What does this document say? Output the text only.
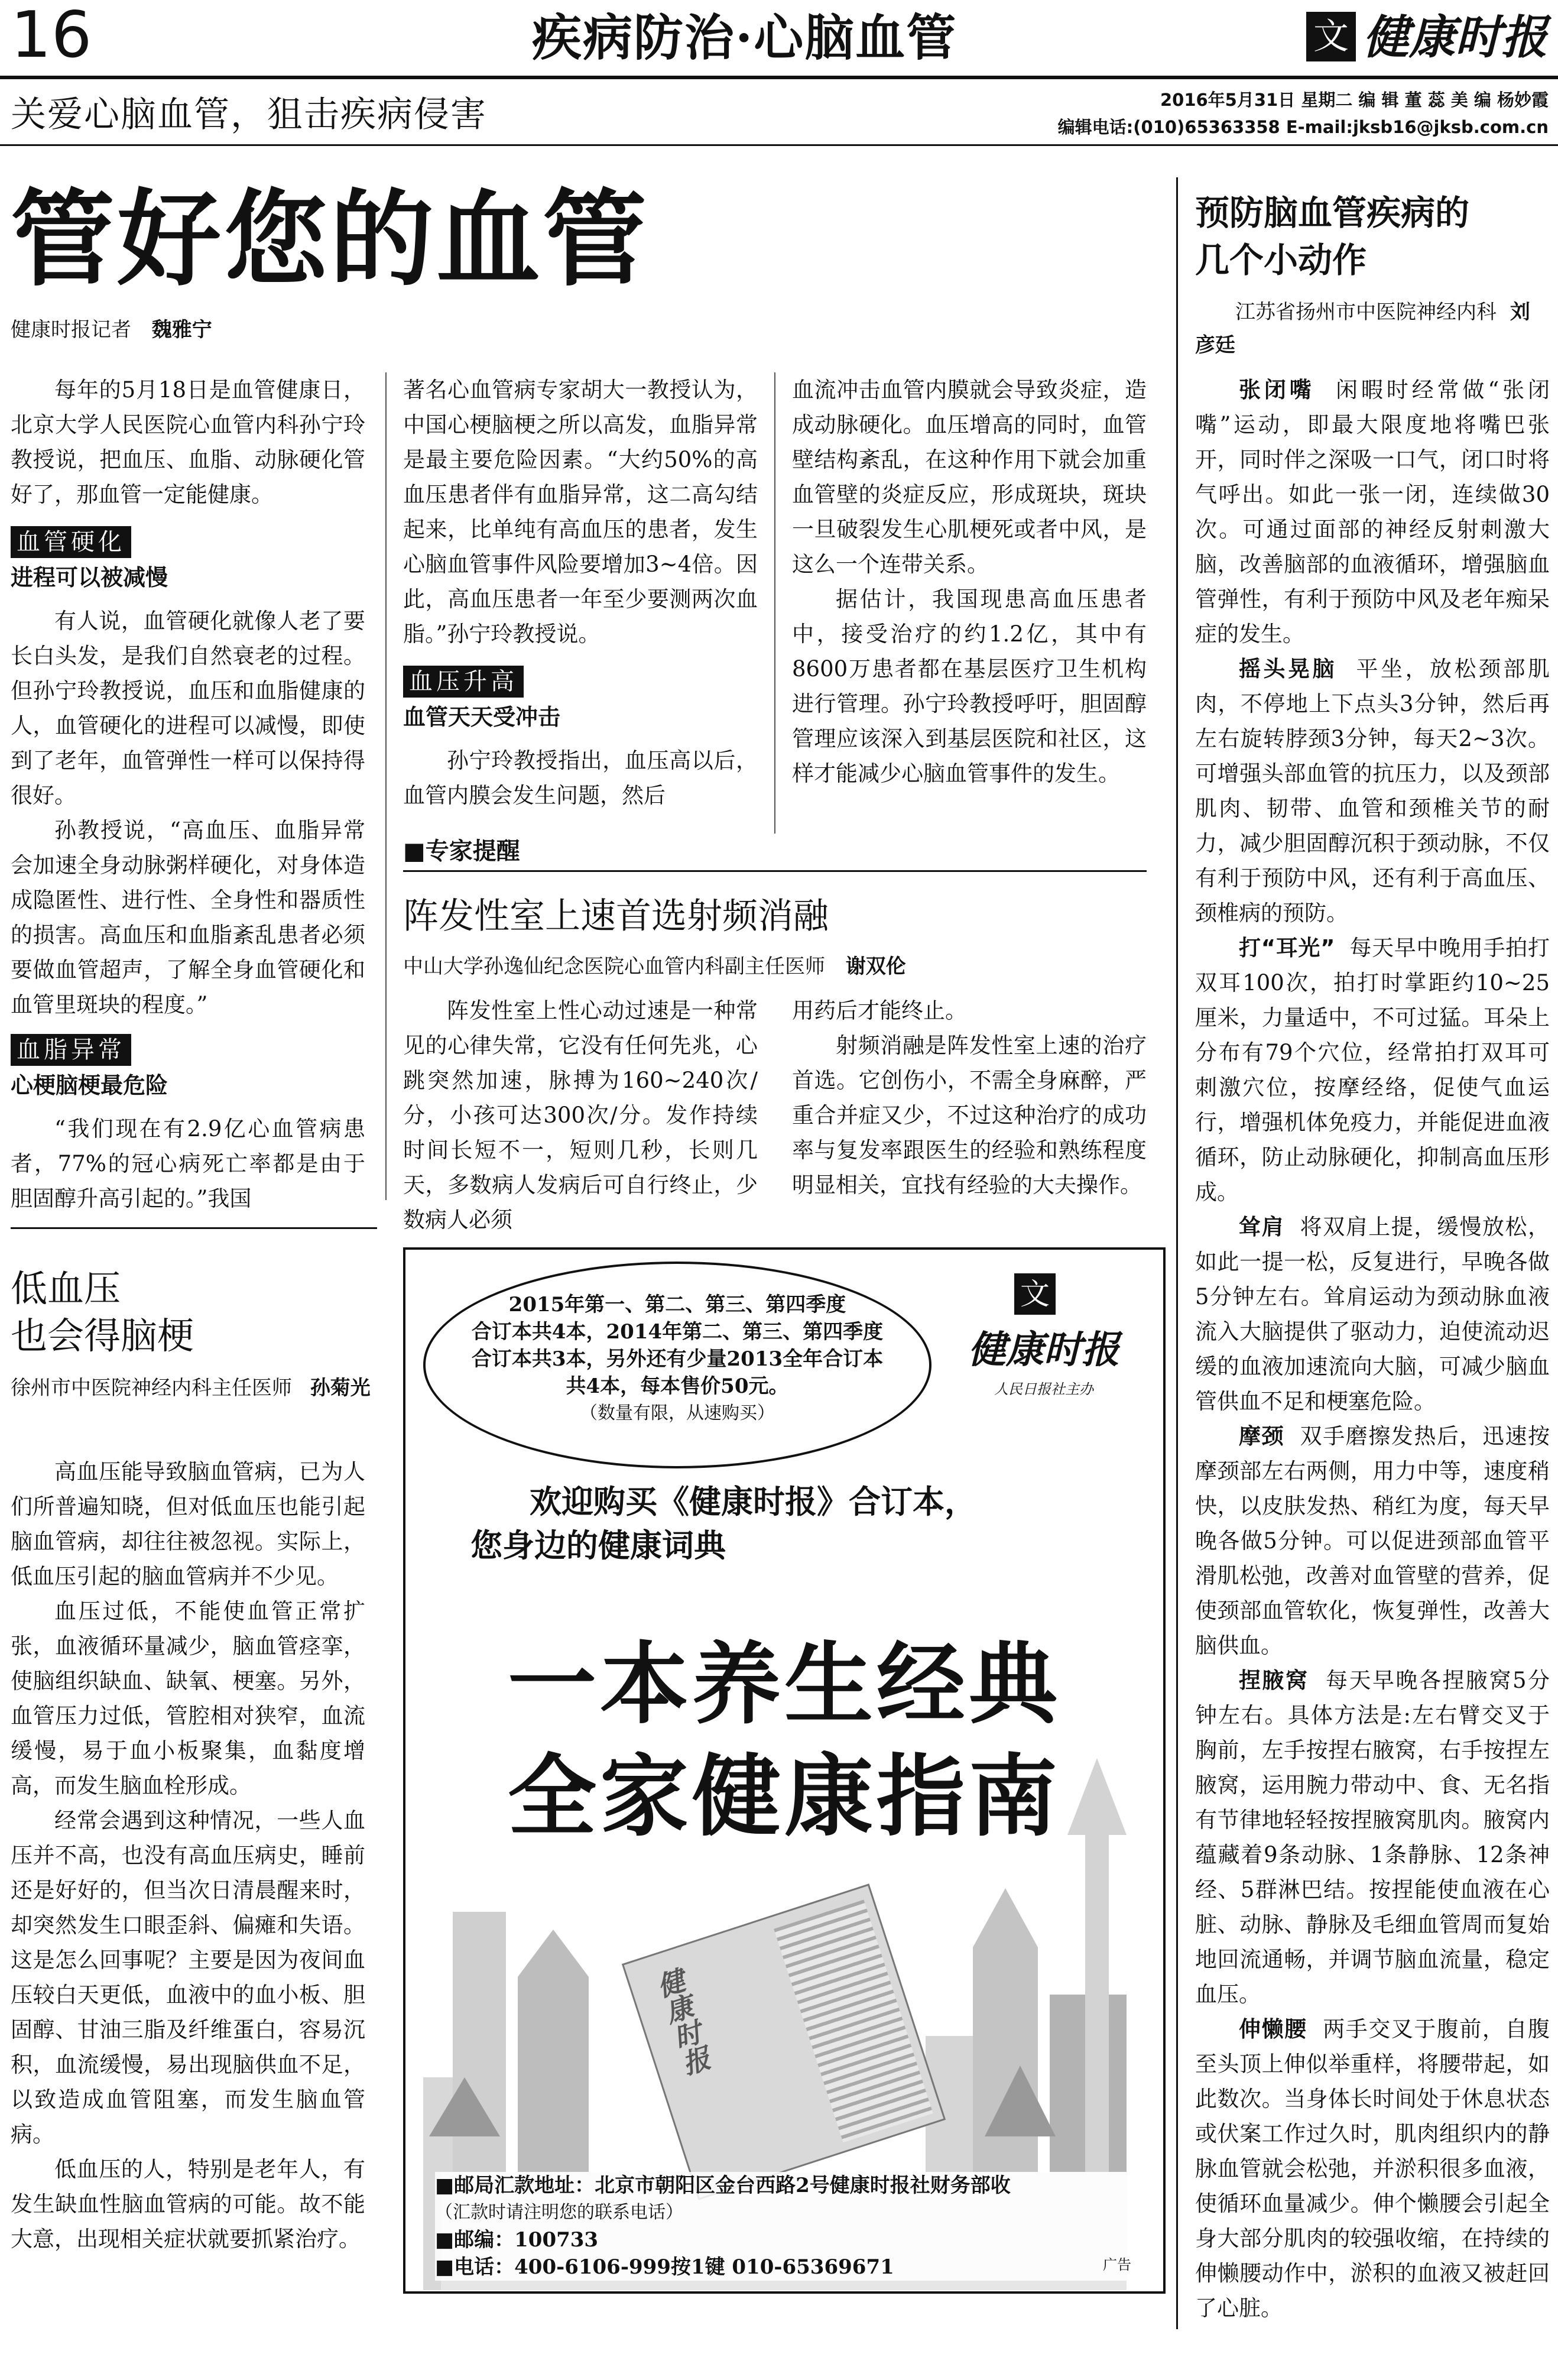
16	疾病防治·心脑血管	文 健康时报
关爱心脑血管，狙击疾病侵害	2016年5月31日 星期二 编 辑 董 蕊 美 编 杨妙霞
编辑电话:(010)65363358 E-mail:jksb16@jksb.com.cn
管好您的血管
健康时报记者 魏雅宁

每年的5月18日是血管健康日，北京大学人民医院心血管内科孙宁玲教授说，把血压、血脂、动脉硬化管好了，那血管一定能健康。

血管硬化
进程可以被减慢

有人说，血管硬化就像人老了要长白头发，是我们自然衰老的过程。但孙宁玲教授说，血压和血脂健康的人，血管硬化的进程可以减慢，即使到了老年，血管弹性一样可以保持得很好。

孙教授说，“高血压、血脂异常会加速全身动脉粥样硬化，对身体造成隐匿性、进行性、全身性和器质性的损害。高血压和血脂紊乱患者必须要做血管超声，了解全身血管硬化和血管里斑块的程度。”

血脂异常
心梗脑梗最危险

“我们现在有2.9亿心血管病患者，77%的冠心病死亡率都是由于胆固醇升高引起的。”我国

著名心血管病专家胡大一教授认为，中国心梗脑梗之所以高发，血脂异常是最主要危险因素。“大约50%的高血压患者伴有血脂异常，这二高勾结起来，比单纯有高血压的患者，发生心脑血管事件风险要增加3~4倍。因此，高血压患者一年至少要测两次血脂。”孙宁玲教授说。

血压升高
血管天天受冲击

孙宁玲教授指出，血压高以后，血管内膜会发生问题，然后

血流冲击血管内膜就会导致炎症，造成动脉硬化。血压增高的同时，血管壁结构紊乱，在这种作用下就会加重血管壁的炎症反应，形成斑块，斑块一旦破裂发生心肌梗死或者中风，是这么一个连带关系。

据估计，我国现患高血压患者中，接受治疗的约1.2亿，其中有8600万患者都在基层医疗卫生机构进行管理。孙宁玲教授呼吁，胆固醇管理应该深入到基层医院和社区，这样才能减少心脑血管事件的发生。

■专家提醒
阵发性室上速首选射频消融
中山大学孙逸仙纪念医院心血管内科副主任医师 谢双伦

阵发性室上性心动过速是一种常见的心律失常，它没有任何先兆，心跳突然加速，脉搏为160~240次/分，小孩可达300次/分。发作持续时间长短不一，短则几秒，长则几天，多数病人发病后可自行终止，少数病人必须

用药后才能终止。

射频消融是阵发性室上速的治疗首选。它创伤小，不需全身麻醉，严重合并症又少，不过这种治疗的成功率与复发率跟医生的经验和熟练程度明显相关，宜找有经验的大夫操作。

低血压
也会得脑梗
徐州市中医院神经内科主任医师 孙菊光

高血压能导致脑血管病，已为人们所普遍知晓，但对低血压也能引起脑血管病，却往往被忽视。实际上，低血压引起的脑血管病并不少见。

血压过低，不能使血管正常扩张，血液循环量减少，脑血管痉挛，使脑组织缺血、缺氧、梗塞。另外，血管压力过低，管腔相对狭窄，血流缓慢，易于血小板聚集，血黏度增高，而发生脑血栓形成。

经常会遇到这种情况，一些人血压并不高，也没有高血压病史，睡前还是好好的，但当次日清晨醒来时，却突然发生口眼歪斜、偏瘫和失语。这是怎么回事呢？主要是因为夜间血压较白天更低，血液中的血小板、胆固醇、甘油三脂及纤维蛋白，容易沉积，血流缓慢，易出现脑供血不足，以致造成血管阻塞，而发生脑血管病。

低血压的人，特别是老年人，有发生缺血性脑血管病的可能。故不能大意，出现相关症状就要抓紧治疗。

2015年第一、第二、第三、第四季度
合订本共4本，2014年第二、第三、第四季度
合订本共3本，另外还有少量2013全年合订本
共4本，每本售价50元。
（数量有限，从速购买）
文
健康时报
人民日报社主办
欢迎购买《健康时报》合订本，
您身边的健康词典
一本养生经典
全家健康指南
健康时报
■邮局汇款地址：北京市朝阳区金台西路2号健康时报社财务部收
（汇款时请注明您的联系电话）
■邮编：100733
■电话：400-6106-999按1键 010-65369671	广告
预防脑血管疾病的
几个小动作
江苏省扬州市中医院神经内科 刘彦廷

张闭嘴 闲暇时经常做“张闭嘴”运动，即最大限度地将嘴巴张开，同时伴之深吸一口气，闭口时将气呼出。如此一张一闭，连续做30次。可通过面部的神经反射刺激大脑，改善脑部的血液循环，增强脑血管弹性，有利于预防中风及老年痴呆症的发生。

摇头晃脑 平坐，放松颈部肌肉，不停地上下点头3分钟，然后再左右旋转脖颈3分钟，每天2~3次。可增强头部血管的抗压力，以及颈部肌肉、韧带、血管和颈椎关节的耐力，减少胆固醇沉积于颈动脉，不仅有利于预防中风，还有利于高血压、颈椎病的预防。

打“耳光” 每天早中晚用手拍打双耳100次，拍打时掌距约10~25厘米，力量适中，不可过猛。耳朵上分布有79个穴位，经常拍打双耳可刺激穴位，按摩经络，促使气血运行，增强机体免疫力，并能促进血液循环，防止动脉硬化，抑制高血压形成。

耸肩 将双肩上提，缓慢放松，如此一提一松，反复进行，早晚各做5分钟左右。耸肩运动为颈动脉血液流入大脑提供了驱动力，迫使流动迟缓的血液加速流向大脑，可减少脑血管供血不足和梗塞危险。

摩颈 双手磨擦发热后，迅速按摩颈部左右两侧，用力中等，速度稍快，以皮肤发热、稍红为度，每天早晚各做5分钟。可以促进颈部血管平滑肌松弛，改善对血管壁的营养，促使颈部血管软化，恢复弹性，改善大脑供血。

捏腋窝 每天早晚各捏腋窝5分钟左右。具体方法是:左右臂交叉于胸前，左手按捏右腋窝，右手按捏左腋窝，运用腕力带动中、食、无名指有节律地轻轻按捏腋窝肌肉。腋窝内蕴藏着9条动脉、1条静脉、12条神经、5群淋巴结。按捏能使血液在心脏、动脉、静脉及毛细血管周而复始地回流通畅，并调节脑血流量，稳定血压。

伸懒腰 两手交叉于腹前，自腹至头顶上伸似举重样，将腰带起，如此数次。当身体长时间处于休息状态或伏案工作过久时，肌肉组织内的静脉血管就会松弛，并淤积很多血液，使循环血量减少。伸个懒腰会引起全身大部分肌肉的较强收缩，在持续的伸懒腰动作中，淤积的血液又被赶回了心脏。
